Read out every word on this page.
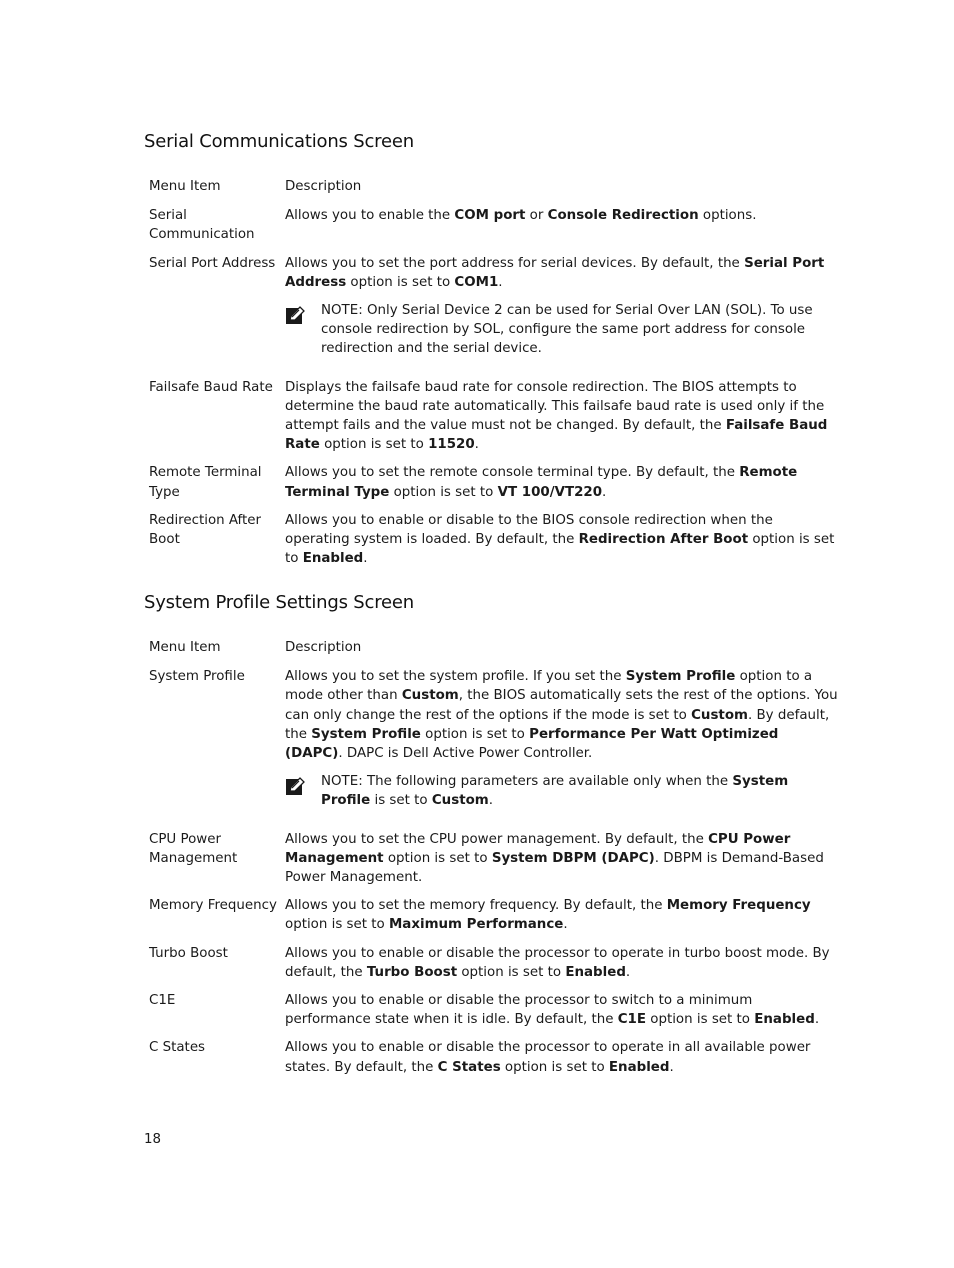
Serial Communications Screen
Menu Item	Description
Serial Communication	Allows you to enable the COM port or Console Redirection options.

Serial Port Address	Allows you to set the port address for serial devices. By default, the Serial Port Address option is set to COM1.
NOTE: Only Serial Device 2 can be used for Serial Over LAN (SOL). To use console redirection by SOL, configure the same port address for console redirection and the serial device.

Failsafe Baud Rate	Displays the failsafe baud rate for console redirection. The BIOS attempts to determine the baud rate automatically. This failsafe baud rate is used only if the attempt fails and the value must not be changed. By default, the Failsafe Baud Rate option is set to 11520.

Remote Terminal Type	Allows you to set the remote console terminal type. By default, the Remote Terminal Type option is set to VT 100/VT220.

Redirection After Boot	Allows you to enable or disable to the BIOS console redirection when the operating system is loaded. By default, the Redirection After Boot option is set to Enabled.
System Profile Settings Screen
Menu Item	Description
System Profile	Allows you to set the system profile. If you set the System Profile option to a mode other than Custom, the BIOS automatically sets the rest of the options. You can only change the rest of the options if the mode is set to Custom. By default, the System Profile option is set to Performance Per Watt Optimized (DAPC). DAPC is Dell Active Power Controller.
NOTE: The following parameters are available only when the System Profile is set to Custom.

CPU Power Management	Allows you to set the CPU power management. By default, the CPU Power Management option is set to System DBPM (DAPC). DBPM is Demand-Based Power Management.

Memory Frequency	Allows you to set the memory frequency. By default, the Memory Frequency option is set to Maximum Performance.

Turbo Boost	Allows you to enable or disable the processor to operate in turbo boost mode. By default, the Turbo Boost option is set to Enabled.

C1E	Allows you to enable or disable the processor to switch to a minimum performance state when it is idle. By default, the C1E option is set to Enabled.

C States	Allows you to enable or disable the processor to operate in all available power states. By default, the C States option is set to Enabled.
18
